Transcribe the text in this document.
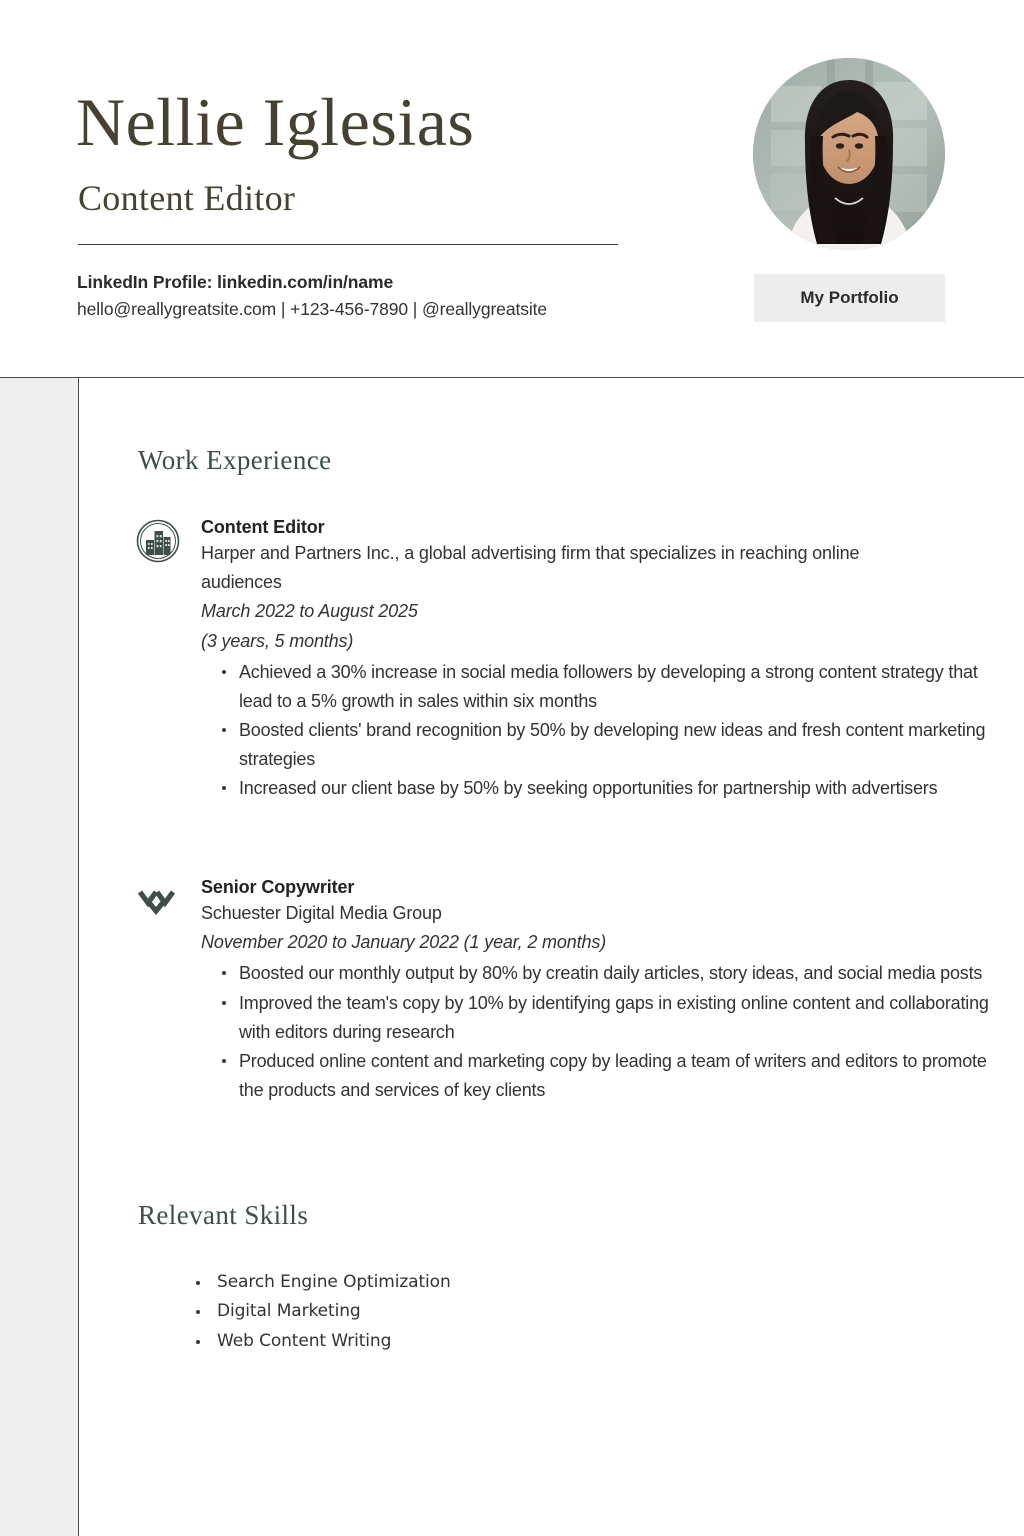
Nellie Iglesias
Content Editor
LinkedIn Profile: linkedin.com/in/name
hello@reallygreatsite.com | +123-456-7890 | @reallygreatsite
My Portfolio
Work Experience
Content Editor
Harper and Partners Inc., a global advertising firm that specializes in reaching online audiences
March 2022 to August 2025
(3 years, 5 months)
Achieved a 30% increase in social media followers by developing a strong content strategy that lead to a 5% growth in sales within six months
Boosted clients' brand recognition by 50% by developing new ideas and fresh content marketing strategies
Increased our client base by 50% by seeking opportunities for partnership with advertisers
Senior Copywriter
Schuester Digital Media Group
November 2020 to January 2022 (1 year, 2 months)
Boosted our monthly output by 80% by creatin daily articles, story ideas, and social media posts
Improved the team's copy by 10% by identifying gaps in existing online content and collaborating with editors during research
Produced online content and marketing copy by leading a team of writers and editors to promote the products and services of key clients
Relevant Skills
Search Engine Optimization
Digital Marketing
Web Content Writing
